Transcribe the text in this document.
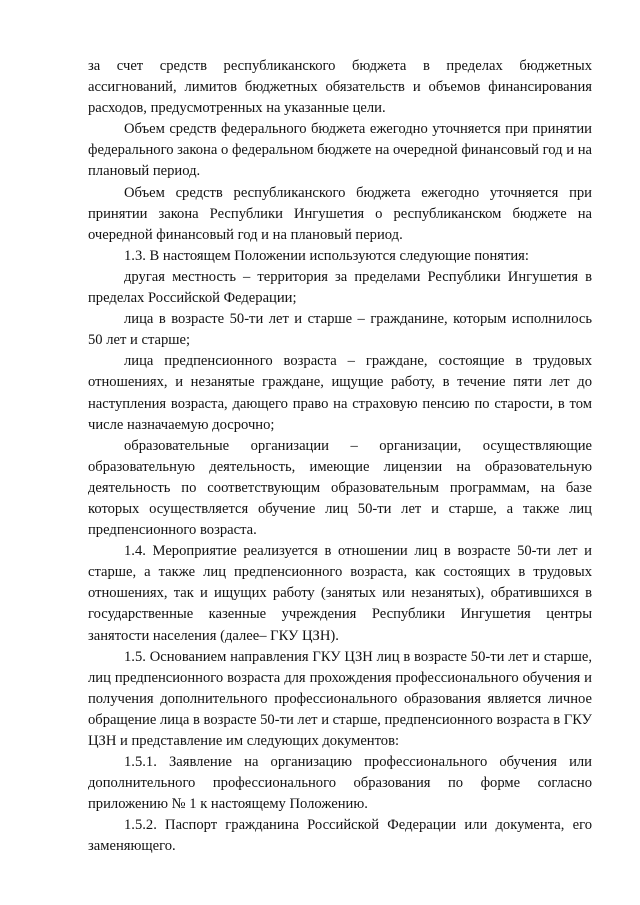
за счет средств республиканского бюджета в пределах бюджетных ассигнований, лимитов бюджетных обязательств и объемов финансирования расходов, предусмотренных на указанные цели.

Объем средств федерального бюджета ежегодно уточняется при принятии федерального закона о федеральном бюджете на очередной финансовый год и на плановый период.

Объем средств республиканского бюджета ежегодно уточняется при принятии закона Республики Ингушетия о республиканском бюджете на очередной финансовый год и на плановый период.

1.3. В настоящем Положении используются следующие понятия:

другая местность – территория за пределами Республики Ингушетия в пределах Российской Федерации;

лица в возрасте 50-ти лет и старше – гражданине, которым исполнилось 50 лет и старше;

лица предпенсионного возраста – граждане, состоящие в трудовых отношениях, и незанятые граждане, ищущие работу, в течение пяти лет до наступления возраста, дающего право на страховую пенсию по старости, в том числе назначаемую досрочно;

образовательные организации – организации, осуществляющие образовательную деятельность, имеющие лицензии на образовательную деятельность по соответствующим образовательным программам, на базе которых осуществляется обучение лиц 50-ти лет и старше, а также лиц предпенсионного возраста.

1.4. Мероприятие реализуется в отношении лиц в возрасте 50-ти лет и старше, а также лиц предпенсионного возраста, как состоящих в трудовых отношениях, так и ищущих работу (занятых или незанятых), обратившихся в государственные казенные учреждения Республики Ингушетия центры занятости населения (далее– ГКУ ЦЗН).

1.5. Основанием направления ГКУ ЦЗН лиц в возрасте 50-ти лет и старше, лиц предпенсионного возраста для прохождения профессионального обучения и получения дополнительного профессионального образования является личное обращение лица в возрасте 50-ти лет и старше, предпенсионного возраста в ГКУ ЦЗН и представление им следующих документов:

1.5.1. Заявление на организацию профессионального обучения или дополнительного профессионального образования по форме согласно приложению № 1 к настоящему Положению.

1.5.2. Паспорт гражданина Российской Федерации или документа, его заменяющего.
